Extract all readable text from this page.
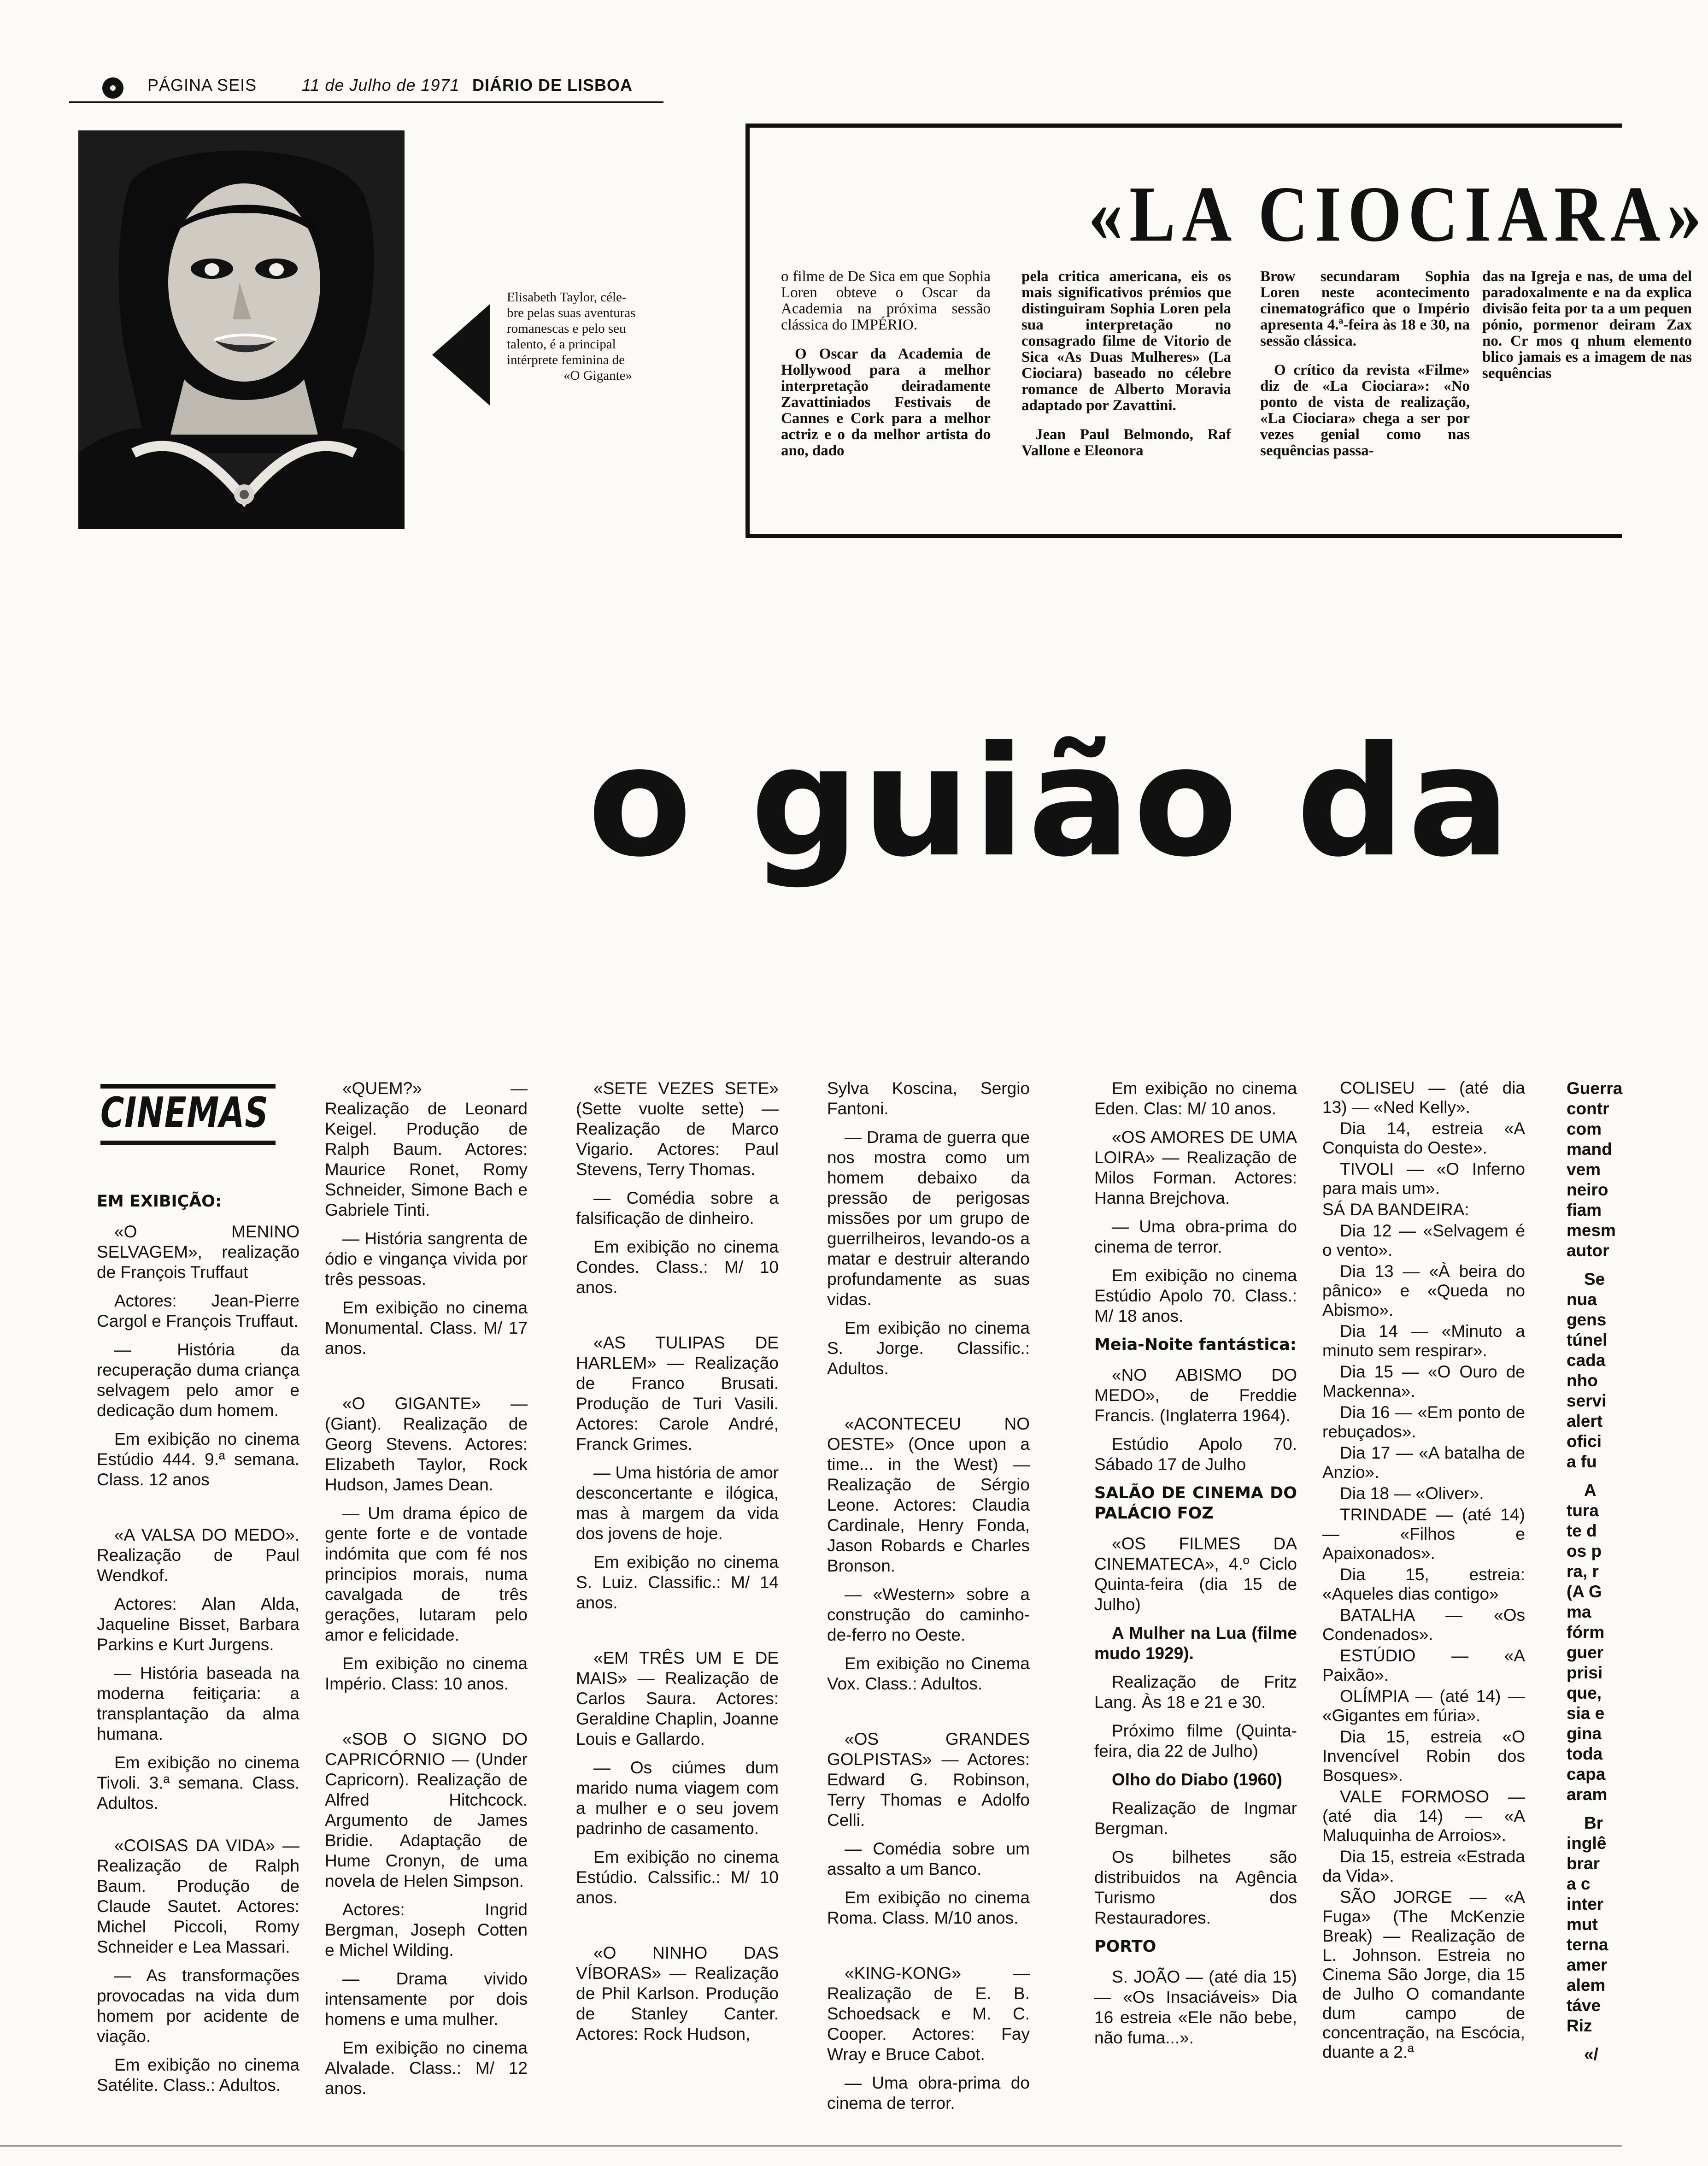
PÁGINA SEIS	11 de Julho de 1971 DIÁRIO DE LISBOA

Elisabeth Taylor, céle-

bre pelas suas aventuras

romanescas e pelo seu

talento, é a principal

intérprete feminina de

«O Gigante»

«LA CIOCIARA»

o filme de De Sica em que Sophia Loren obteve o Oscar da Academia na próxima sessão clássica do IMPÉRIO.

O Oscar da Academia de Hollywood para a melhor interpretação deiradamente Zavattiniados Festivais de Cannes e Cork para a melhor actriz e o da melhor artista do ano, dado

pela critica americana, eis os mais significativos prémios que distinguiram Sophia Loren pela sua interpretação no consagrado filme de Vitorio de Sica «As Duas Mulheres» (La Ciociara) baseado no célebre romance de Alberto Moravia adaptado por Zavattini.

Jean Paul Belmondo, Raf Vallone e Eleonora

Brow secundaram Sophia Loren neste acontecimento cinematográfico que o Império apresenta 4.ª-feira às 18 e 30, na sessão clássica.

O crítico da revista «Filme» diz de «La Ciociara»: «No ponto de vista de realização, «La Ciociara» chega a ser por vezes genial como nas sequências passa-

das na Igreja e nas, de uma del paradoxalmente e na da explica divisão feita por ta a um pequen pónio, pormenor deiram Zax no. Cr mos q nhum elemento blico jamais es a imagem de nas sequências

o guião da
CINEMAS

EM EXIBIÇÃO:

«O MENINO SELVAGEM», realização de François Truffaut

Actores: Jean-Pierre Cargol e François Truffaut.

— História da recuperação duma criança selvagem pelo amor e dedicação dum homem.

Em exibição no cinema Estúdio 444. 9.ª semana. Class. 12 anos

«A VALSA DO MEDO». Realização de Paul Wendkof.

Actores: Alan Alda, Jaqueline Bisset, Barbara Parkins e Kurt Jurgens.

— História baseada na moderna feitiçaria: a transplantação da alma humana.

Em exibição no cinema Tivoli. 3.ª semana. Class. Adultos.

«COISAS DA VIDA» — Realização de Ralph Baum. Produção de Claude Sautet. Actores: Michel Piccoli, Romy Schneider e Lea Massari.

— As transformações provocadas na vida dum homem por acidente de viação.

Em exibição no cinema Satélite. Class.: Adultos.

«QUEM?» — Realização de Leonard Keigel. Produção de Ralph Baum. Actores: Maurice Ronet, Romy Schneider, Simone Bach e Gabriele Tinti.

— História sangrenta de ódio e vingança vivida por três pessoas.

Em exibição no cinema Monumental. Class. M/ 17 anos.

«O GIGANTE» — (Giant). Realização de Georg Stevens. Actores: Elizabeth Taylor, Rock Hudson, James Dean.

— Um drama épico de gente forte e de vontade indómita que com fé nos principios morais, numa cavalgada de três gerações, lutaram pelo amor e felicidade.

Em exibição no cinema Império. Class: 10 anos.

«SOB O SIGNO DO CAPRICÓRNIO — (Under Capricorn). Realização de Alfred Hitchcock. Argumento de James Bridie. Adaptação de Hume Cronyn, de uma novela de Helen Simpson.

Actores: Ingrid Bergman, Joseph Cotten e Michel Wilding.

— Drama vivido intensamente por dois homens e uma mulher.

Em exibição no cinema Alvalade. Class.: M/ 12 anos.

«SETE VEZES SETE» (Sette vuolte sette) — Realização de Marco Vigario. Actores: Paul Stevens, Terry Thomas.

— Comédia sobre a falsificação de dinheiro.

Em exibição no cinema Condes. Class.: M/ 10 anos.

«AS TULIPAS DE HARLEM» — Realização de Franco Brusati. Produção de Turi Vasili. Actores: Carole André, Franck Grimes.

— Uma história de amor desconcertante e ilógica, mas à margem da vida dos jovens de hoje.

Em exibição no cinema S. Luiz. Classific.: M/ 14 anos.

«EM TRÊS UM E DE MAIS» — Realização de Carlos Saura. Actores: Geraldine Chaplin, Joanne Louis e Gallardo.

— Os ciúmes dum marido numa viagem com a mulher e o seu jovem padrinho de casamento.

Em exibição no cinema Estúdio. Calssific.: M/ 10 anos.

«O NINHO DAS VÍBORAS» — Realização de Phil Karlson. Produção de Stanley Canter. Actores: Rock Hudson,

Sylva Koscina, Sergio Fantoni.

— Drama de guerra que nos mostra como um homem debaixo da pressão de perigosas missões por um grupo de guerrilheiros, levando-os a matar e destruir alterando profundamente as suas vidas.

Em exibição no cinema S. Jorge. Classific.: Adultos.

«ACONTECEU NO OESTE» (Once upon a time... in the West) — Realização de Sérgio Leone. Actores: Claudia Cardinale, Henry Fonda, Jason Robards e Charles Bronson.

— «Western» sobre a construção do caminho-de-ferro no Oeste.

Em exibição no Cinema Vox. Class.: Adultos.

«OS GRANDES GOLPISTAS» — Actores: Edward G. Robinson, Terry Thomas e Adolfo Celli.

— Comédia sobre um assalto a um Banco.

Em exibição no cinema Roma. Class. M/10 anos.

«KING-KONG» — Realização de E. B. Schoedsack e M. C. Cooper. Actores: Fay Wray e Bruce Cabot.

— Uma obra-prima do cinema de terror.

Em exibição no cinema Eden. Clas: M/ 10 anos.

«OS AMORES DE UMA LOIRA» — Realização de Milos Forman. Actores: Hanna Brejchova.

— Uma obra-prima do cinema de terror.

Em exibição no cinema Estúdio Apolo 70. Class.: M/ 18 anos.

Meia-Noite fantástica:

«NO ABISMO DO MEDO», de Freddie Francis. (Inglaterra 1964).

Estúdio Apolo 70. Sábado 17 de Julho

SALÃO DE CINEMA DO PALÁCIO FOZ

«OS FILMES DA CINEMATECA», 4.º Ciclo Quinta-feira (dia 15 de Julho)

A Mulher na Lua (filme mudo 1929).

Realização de Fritz Lang. Às 18 e 21 e 30.

Próximo filme (Quinta-feira, dia 22 de Julho)

Olho do Diabo (1960)

Realização de Ingmar Bergman.

Os bilhetes são distribuidos na Agência Turismo dos Restauradores.

PORTO

S. JOÃO — (até dia 15) — «Os Insaciáveis» Dia 16 estreia «Ele não bebe, não fuma...».

COLISEU — (até dia 13) — «Ned Kelly».

Dia 14, estreia «A Conquista do Oeste».

TIVOLI — «O Inferno para mais um».

SÁ DA BANDEIRA:

Dia 12 — «Selvagem é o vento».

Dia 13 — «À beira do pânico» e «Queda no Abismo».

Dia 14 — «Minuto a minuto sem respirar».

Dia 15 — «O Ouro de Mackenna».

Dia 16 — «Em ponto de rebuçados».

Dia 17 — «A batalha de Anzio».

Dia 18 — «Oliver».

TRINDADE — (até 14) — «Filhos e Apaixonados».

Dia 15, estreia: «Aqueles dias contigo»

BATALHA — «Os Condenados».

ESTÚDIO — «A Paixão».

OLÍMPIA — (até 14) — «Gigantes em fúria».

Dia 15, estreia «O Invencível Robin dos Bosques».

VALE FORMOSO — (até dia 14) — «A Maluquinha de Arroios».

Dia 15, estreia «Estrada da Vida».

SÃO JORGE — «A Fuga» (The McKenzie Break) — Realização de L. Johnson. Estreia no Cinema São Jorge, dia 15 de Julho O comandante dum campo de concentração, na Escócia, duante a 2.ª

Guerra contr com mand vem neiro fiam mesm autor

Se nua gens túnel cada nho servi alert ofici a fu

A tura te d os p ra, r (A G ma fórm guer prisi que, sia e gina toda capa aram

Br inglê brar a c inter mut terna amer alem táve Riz

«/
